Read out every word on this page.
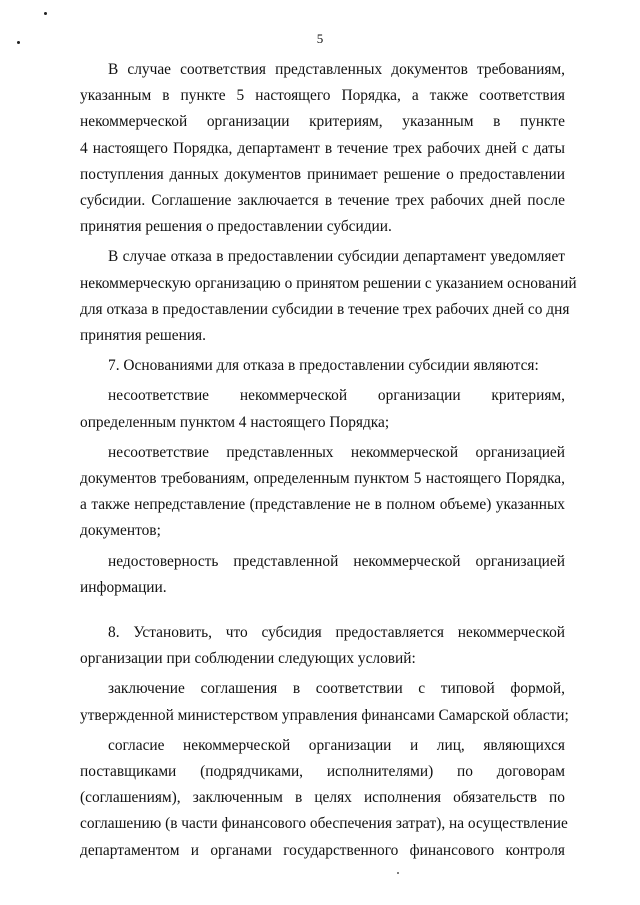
5
В случае соответствия представленных документов требованиям,
указанным в пункте 5 настоящего Порядка, а также соответствия
некоммерческой организации критериям, указанным в пункте
4 настоящего Порядка, департамент в течение трех рабочих дней с даты
поступления данных документов принимает решение о предоставлении
субсидии. Соглашение заключается в течение трех рабочих дней после
принятия решения о предоставлении субсидии.
В случае отказа в предоставлении субсидии департамент уведомляет
некоммерческую организацию о принятом решении с указанием оснований
для отказа в предоставлении субсидии в течение трех рабочих дней со дня
принятия решения.
7. Основаниями для отказа в предоставлении субсидии являются:
несоответствие некоммерческой организации критериям,
определенным пунктом 4 настоящего Порядка;
несоответствие представленных некоммерческой организацией
документов требованиям, определенным пунктом 5 настоящего Порядка,
а также непредставление (представление не в полном объеме) указанных
документов;
недостоверность представленной некоммерческой организацией
информации.
8. Установить, что субсидия предоставляется некоммерческой
организации при соблюдении следующих условий:
заключение соглашения в соответствии с типовой формой,
утвержденной министерством управления финансами Самарской области;
согласие некоммерческой организации и лиц, являющихся
поставщиками (подрядчиками, исполнителями) по договорам
(соглашениям), заключенным в целях исполнения обязательств по
соглашению (в части финансового обеспечения затрат), на осуществление
департаментом и органами государственного финансового контроля
